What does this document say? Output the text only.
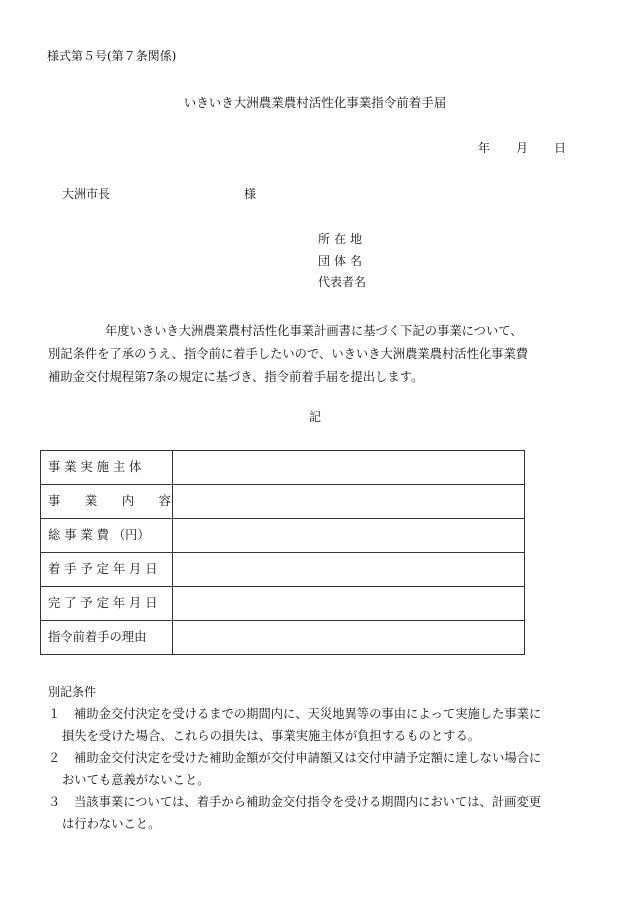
様式第５号(第７条関係)
いきいき大洲農業農村活性化事業指令前着手届
年 月 日
大洲市長	様
所在地
団体名
代表者名
年度いきいき大洲農業農村活性化事業計画書に基づく下記の事業について、
別記条件を了承のうえ、指令前に着手したいので、いきいき大洲農業農村活性化事業費
補助金交付規程第7条の規定に基づき、指令前着手届を提出します。
記
事 業 実 施 主 体	
事　　業　　内　　容	
総 事 業 費 （円）	
着 手 予 定 年 月 日	
完 了 予 定 年 月 日	
指令前着手の理由	
別記条件
１ 補助金交付決定を受けるまでの期間内に、天災地異等の事由によって実施した事業に
損失を受けた場合、これらの損失は、事業実施主体が負担するものとする。
２ 補助金交付決定を受けた補助金額が交付申請額又は交付申請予定額に達しない場合に
おいても意義がないこと。
３ 当該事業については、着手から補助金交付指令を受ける期間内においては、計画変更
は行わないこと。
